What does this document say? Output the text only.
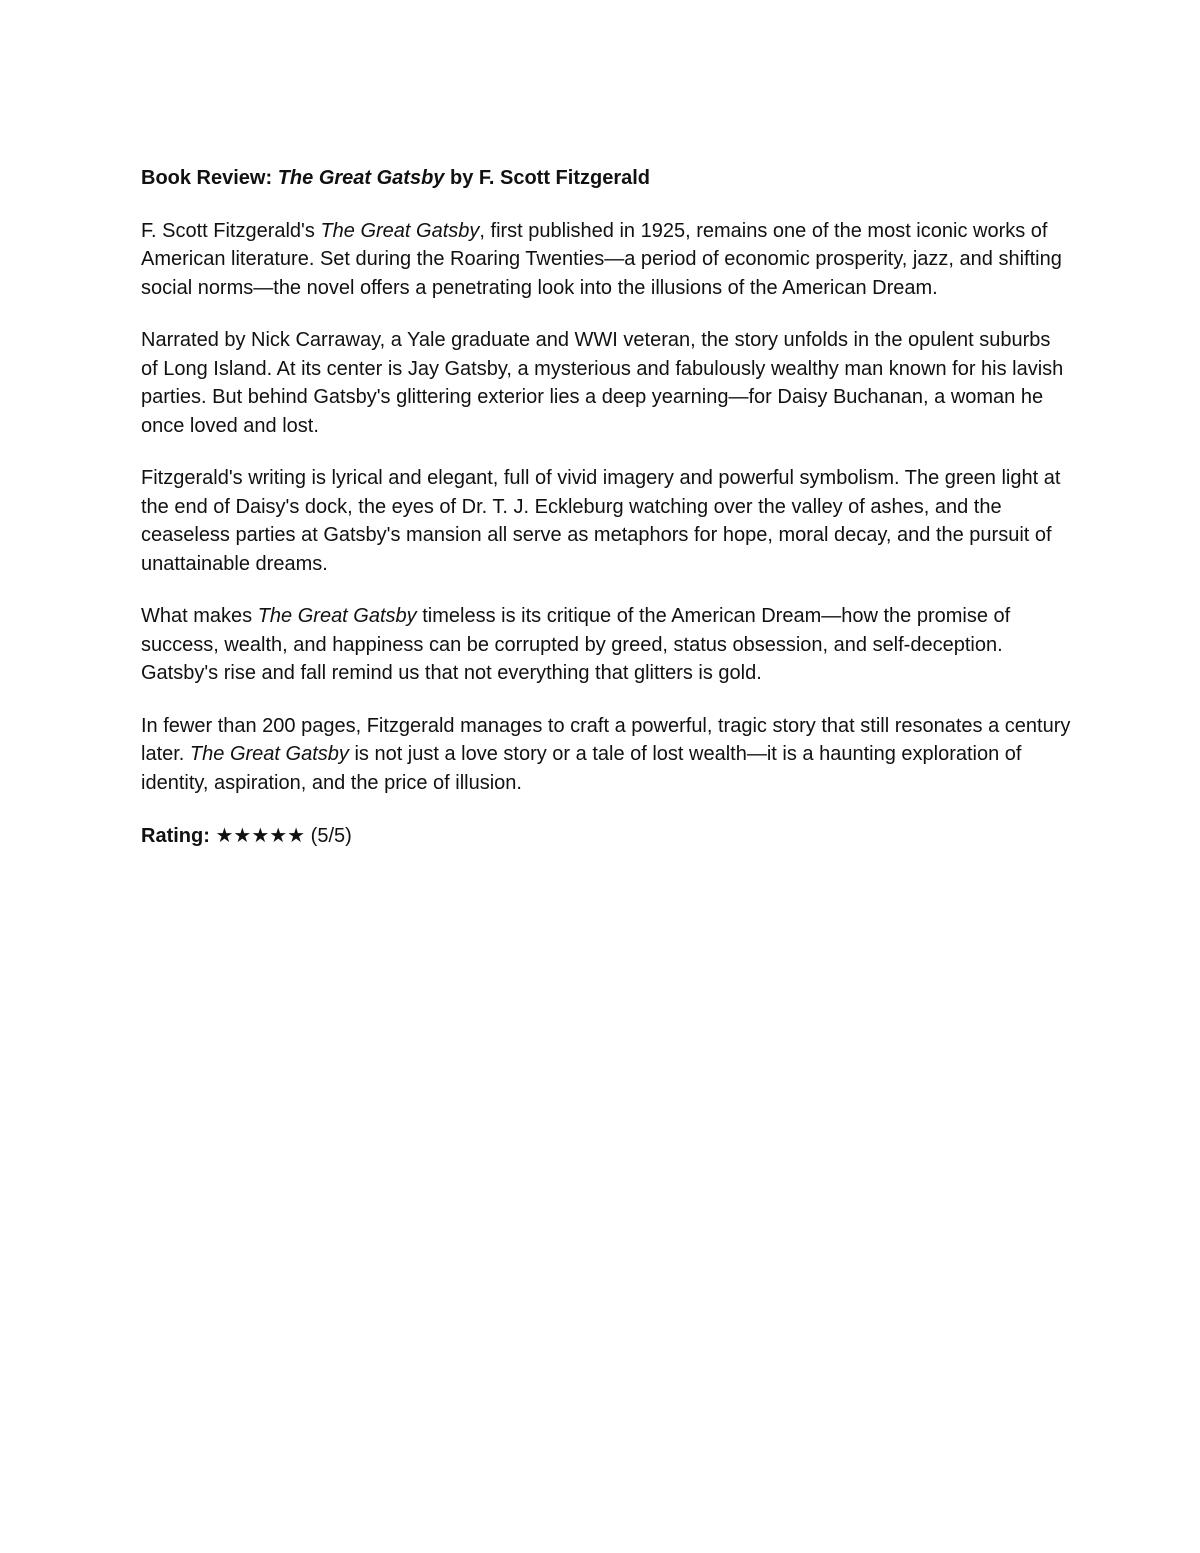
Book Review: The Great Gatsby by F. Scott Fitzgerald

F. Scott Fitzgerald's The Great Gatsby, first published in 1925, remains one of the most iconic works of American literature. Set during the Roaring Twenties—a period of economic prosperity, jazz, and shifting social norms—the novel offers a penetrating look into the illusions of the American Dream.

Narrated by Nick Carraway, a Yale graduate and WWI veteran, the story unfolds in the opulent suburbs of Long Island. At its center is Jay Gatsby, a mysterious and fabulously wealthy man known for his lavish parties. But behind Gatsby's glittering exterior lies a deep yearning—for Daisy Buchanan, a woman he once loved and lost.

Fitzgerald's writing is lyrical and elegant, full of vivid imagery and powerful symbolism. The green light at the end of Daisy's dock, the eyes of Dr. T. J. Eckleburg watching over the valley of ashes, and the ceaseless parties at Gatsby's mansion all serve as metaphors for hope, moral decay, and the pursuit of unattainable dreams.

What makes The Great Gatsby timeless is its critique of the American Dream—how the promise of success, wealth, and happiness can be corrupted by greed, status obsession, and self-deception. Gatsby's rise and fall remind us that not everything that glitters is gold.

In fewer than 200 pages, Fitzgerald manages to craft a powerful, tragic story that still resonates a century later. The Great Gatsby is not just a love story or a tale of lost wealth—it is a haunting exploration of identity, aspiration, and the price of illusion.

Rating: ★★★★★ (5/5)
